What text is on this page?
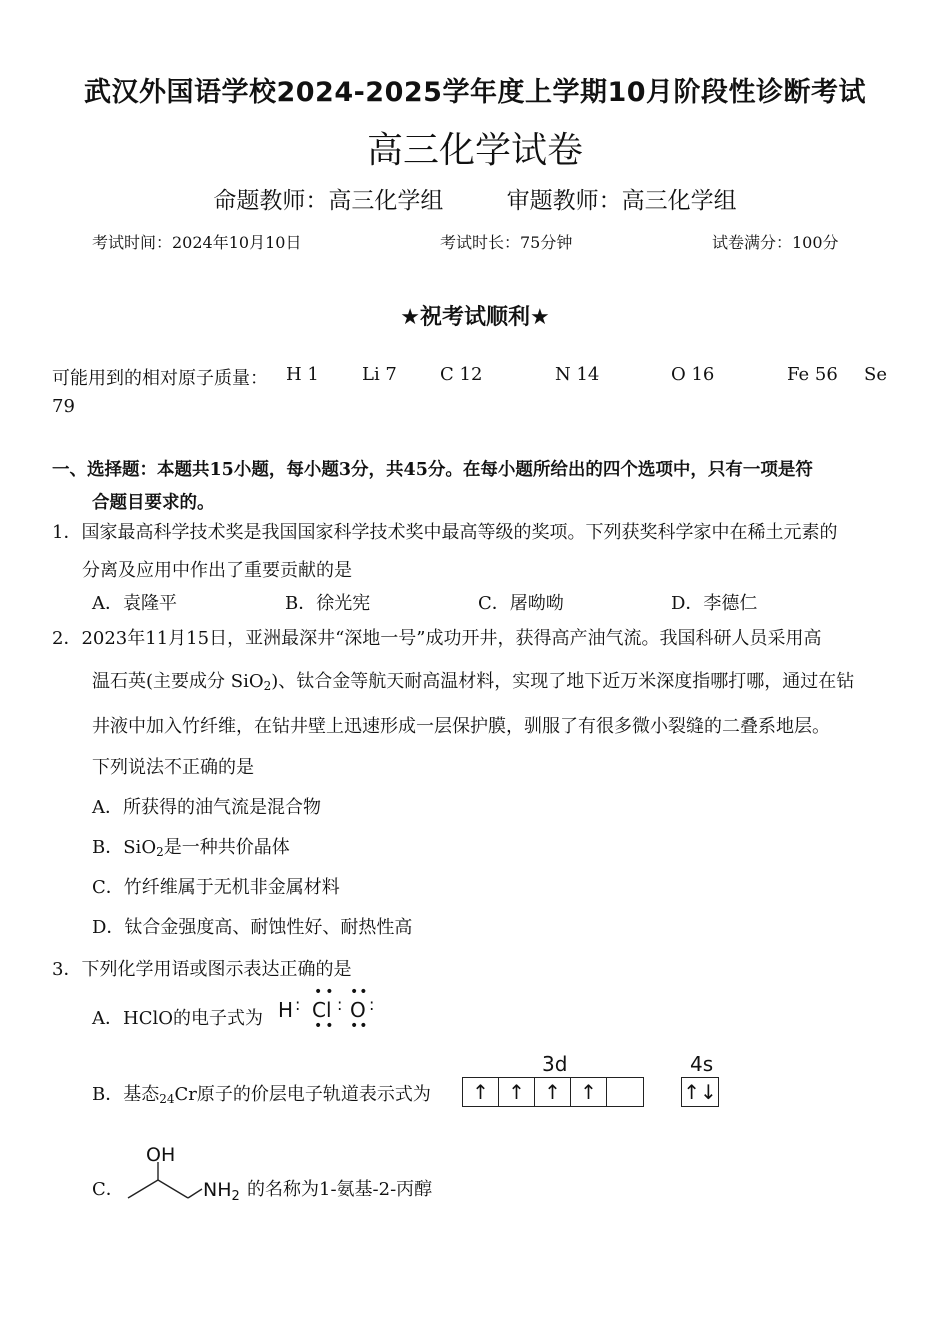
武汉外国语学校2024-2025学年度上学期10月阶段性诊断考试
高三化学试卷
命题教师：高三化学组	审题教师：高三化学组
考试时间：2024年10月10日	考试时长：75分钟	试卷满分：100分
★祝考试顺利★
可能用到的相对原子质量： H 1 Li 7 C 12	N 14	O 16	Fe 56 Se
79
一、选择题：本题共15小题，每小题3分，共45分。在每小题所给出的四个选项中，只有一项是符
合题目要求的。
1．国家最高科学技术奖是我国国家科学技术奖中最高等级的奖项。下列获奖科学家中在稀土元素的
分离及应用中作出了重要贡献的是
A．袁隆平	B．徐光宪	C．屠呦呦	D．李德仁
2．2023年11月15日，亚洲最深井“深地一号”成功开井，获得高产油气流。我国科研人员采用高
温石英(主要成分 SiO$_2$)、钛合金等航天耐高温材料，实现了地下近万米深度指哪打哪，通过在钻
井液中加入竹纤维，在钻井壁上迅速形成一层保护膜，驯服了有很多微小裂缝的二叠系地层。
下列说法不正确的是
A．所获得的油气流是混合物
B．SiO$_2$是一种共价晶体
C．竹纤维属于无机非金属材料
D．钛合金强度高、耐蚀性好、耐热性高
3．下列化学用语或图示表达正确的是
A．HClO的电子式为 H : Cl
••
••
: O
••
••
:
B．基态$_{24}$Cr原子的价层电子轨道表示式为
3d	4s
↑ ↑ ↑ ↑	↑↓
C．
OH
$NH_2$ 的名称为1-氨基-2-丙醇
